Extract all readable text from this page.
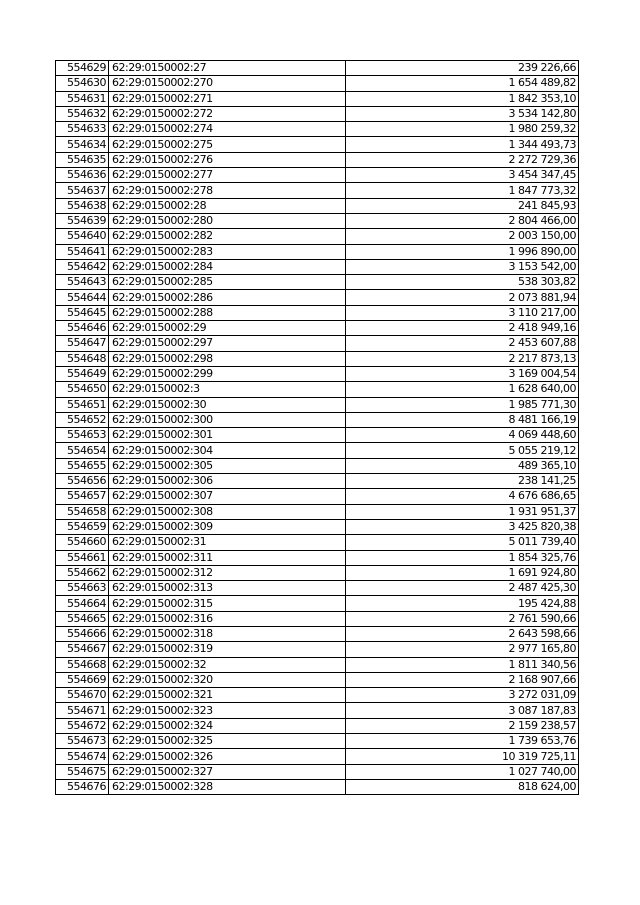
554629	62:29:0150002:27	239 226,66
554630	62:29:0150002:270	1 654 489,82
554631	62:29:0150002:271	1 842 353,10
554632	62:29:0150002:272	3 534 142,80
554633	62:29:0150002:274	1 980 259,32
554634	62:29:0150002:275	1 344 493,73
554635	62:29:0150002:276	2 272 729,36
554636	62:29:0150002:277	3 454 347,45
554637	62:29:0150002:278	1 847 773,32
554638	62:29:0150002:28	241 845,93
554639	62:29:0150002:280	2 804 466,00
554640	62:29:0150002:282	2 003 150,00
554641	62:29:0150002:283	1 996 890,00
554642	62:29:0150002:284	3 153 542,00
554643	62:29:0150002:285	538 303,82
554644	62:29:0150002:286	2 073 881,94
554645	62:29:0150002:288	3 110 217,00
554646	62:29:0150002:29	2 418 949,16
554647	62:29:0150002:297	2 453 607,88
554648	62:29:0150002:298	2 217 873,13
554649	62:29:0150002:299	3 169 004,54
554650	62:29:0150002:3	1 628 640,00
554651	62:29:0150002:30	1 985 771,30
554652	62:29:0150002:300	8 481 166,19
554653	62:29:0150002:301	4 069 448,60
554654	62:29:0150002:304	5 055 219,12
554655	62:29:0150002:305	489 365,10
554656	62:29:0150002:306	238 141,25
554657	62:29:0150002:307	4 676 686,65
554658	62:29:0150002:308	1 931 951,37
554659	62:29:0150002:309	3 425 820,38
554660	62:29:0150002:31	5 011 739,40
554661	62:29:0150002:311	1 854 325,76
554662	62:29:0150002:312	1 691 924,80
554663	62:29:0150002:313	2 487 425,30
554664	62:29:0150002:315	195 424,88
554665	62:29:0150002:316	2 761 590,66
554666	62:29:0150002:318	2 643 598,66
554667	62:29:0150002:319	2 977 165,80
554668	62:29:0150002:32	1 811 340,56
554669	62:29:0150002:320	2 168 907,66
554670	62:29:0150002:321	3 272 031,09
554671	62:29:0150002:323	3 087 187,83
554672	62:29:0150002:324	2 159 238,57
554673	62:29:0150002:325	1 739 653,76
554674	62:29:0150002:326	10 319 725,11
554675	62:29:0150002:327	1 027 740,00
554676	62:29:0150002:328	818 624,00
